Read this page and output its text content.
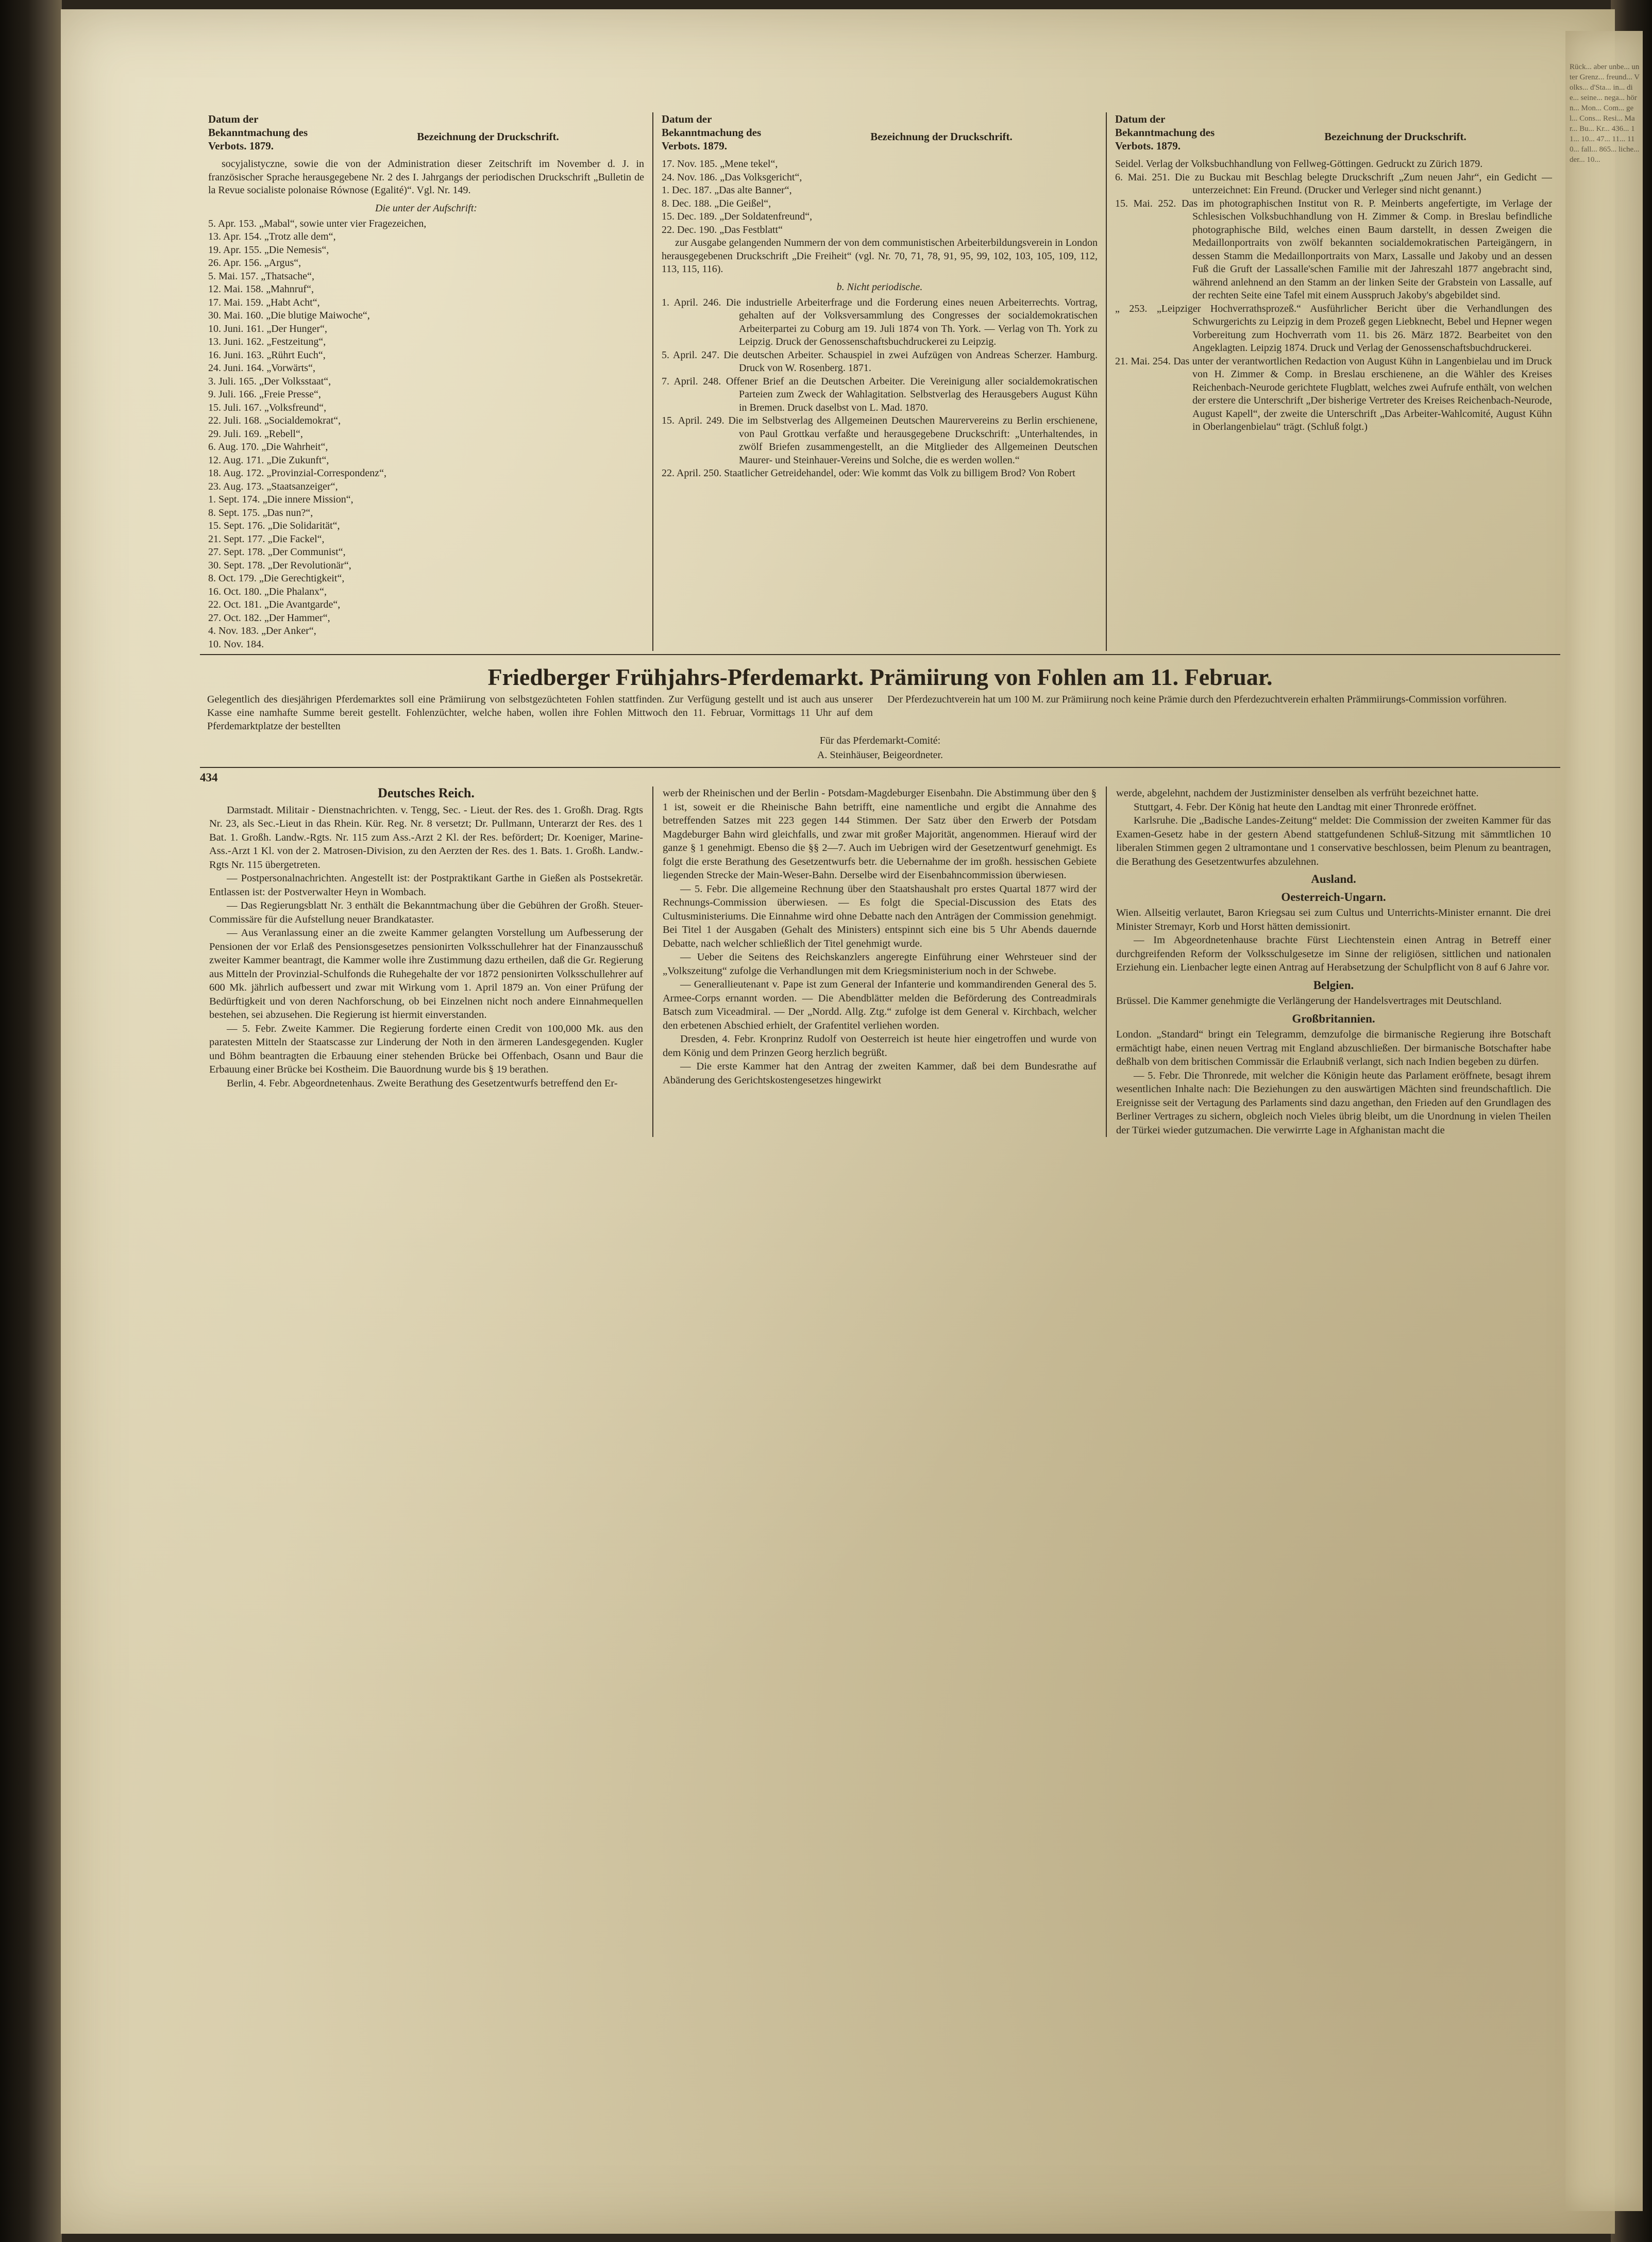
Datum der Bekanntmachung des Verbots. 1879.
Bezeichnung der Druckschrift.

socyjalistyczne, sowie die von der Administration dieser Zeitschrift im November d. J. in französischer Sprache herausgegebene Nr. 2 des I. Jahrgangs der periodischen Druckschrift „Bulletin de la Revue socialiste polonaise Równose (Egalité)“. Vgl. Nr. 149.

Die unter der Aufschrift:
5. Apr. 153. „Mabal“, sowie unter vier Fragezeichen,
13. Apr. 154. „Trotz alle dem“,
19. Apr. 155. „Die Nemesis“,
26. Apr. 156. „Argus“,
5. Mai. 157. „Thatsache“,
12. Mai. 158. „Mahnruf“,
17. Mai. 159. „Habt Acht“,
30. Mai. 160. „Die blutige Maiwoche“,
10. Juni. 161. „Der Hunger“,
13. Juni. 162. „Festzeitung“,
16. Juni. 163. „Rührt Euch“,
24. Juni. 164. „Vorwärts“,
3. Juli. 165. „Der Volksstaat“,
9. Juli. 166. „Freie Presse“,
15. Juli. 167. „Volksfreund“,
22. Juli. 168. „Socialdemokrat“,
29. Juli. 169. „Rebell“,
6. Aug. 170. „Die Wahrheit“,
12. Aug. 171. „Die Zukunft“,
18. Aug. 172. „Provinzial-Correspondenz“,
23. Aug. 173. „Staatsanzeiger“,
1. Sept. 174. „Die innere Mission“,
8. Sept. 175. „Das nun?“,
15. Sept. 176. „Die Solidarität“,
21. Sept. 177. „Die Fackel“,
27. Sept. 178. „Der Communist“,
30. Sept. 178. „Der Revolutionär“,
8. Oct. 179. „Die Gerechtigkeit“,
16. Oct. 180. „Die Phalanx“,
22. Oct. 181. „Die Avantgarde“,
27. Oct. 182. „Der Hammer“,
4. Nov. 183. „Der Anker“,
10. Nov. 184.
Datum der Bekanntmachung des Verbots. 1879.
Bezeichnung der Druckschrift.
17. Nov. 185. „Mene tekel“,
24. Nov. 186. „Das Volksgericht“,
1. Dec. 187. „Das alte Banner“,
8. Dec. 188. „Die Geißel“,
15. Dec. 189. „Der Soldatenfreund“,
22. Dec. 190. „Das Festblatt“

zur Ausgabe gelangenden Nummern der von dem communistischen Arbeiterbildungsverein in London herausgegebenen Druckschrift „Die Freiheit“ (vgl. Nr. 70, 71, 78, 91, 95, 99, 102, 103, 105, 109, 112, 113, 115, 116).

b. Nicht periodische.
1. April. 246. Die industrielle Arbeiterfrage und die Forderung eines neuen Arbeiterrechts. Vortrag, gehalten auf der Volksversammlung des Congresses der socialdemokratischen Arbeiterpartei zu Coburg am 19. Juli 1874 von Th. York. — Verlag von Th. York zu Leipzig. Druck der Genossenschaftsbuchdruckerei zu Leipzig.
5. April. 247. Die deutschen Arbeiter. Schauspiel in zwei Aufzügen von Andreas Scherzer. Hamburg. Druck von W. Rosenberg. 1871.
7. April. 248. Offener Brief an die Deutschen Arbeiter. Die Vereinigung aller socialdemokratischen Parteien zum Zweck der Wahlagitation. Selbstverlag des Herausgebers August Kühn in Bremen. Druck daselbst von L. Mad. 1870.
15. April. 249. Die im Selbstverlag des Allgemeinen Deutschen Maurervereins zu Berlin erschienene, von Paul Grottkau verfaßte und herausgegebene Druckschrift: „Unterhaltendes, in zwölf Briefen zusammengestellt, an die Mitglieder des Allgemeinen Deutschen Maurer- und Steinhauer-Vereins und Solche, die es werden wollen.“
22. April. 250. Staatlicher Getreidehandel, oder: Wie kommt das Volk zu billigem Brod? Von Robert
Datum der Bekanntmachung des Verbots. 1879.
Bezeichnung der Druckschrift.

Seidel. Verlag der Volksbuchhandlung von Fellweg-Göttingen. Gedruckt zu Zürich 1879.

6. Mai. 251. Die zu Buckau mit Beschlag belegte Druckschrift „Zum neuen Jahr“, ein Gedicht — unterzeichnet: Ein Freund. (Drucker und Verleger sind nicht genannt.)
15. Mai. 252. Das im photographischen Institut von R. P. Meinberts angefertigte, im Verlage der Schlesischen Volksbuchhandlung von H. Zimmer & Comp. in Breslau befindliche photographische Bild, welches einen Baum darstellt, in dessen Zweigen die Medaillonportraits von zwölf bekannten socialdemokratischen Parteigängern, in dessen Stamm die Medaillonportraits von Marx, Lassalle und Jakoby und an dessen Fuß die Gruft der Lassalle'schen Familie mit der Jahreszahl 1877 angebracht sind, während anlehnend an den Stamm an der linken Seite der Grabstein von Lassalle, auf der rechten Seite eine Tafel mit einem Ausspruch Jakoby's abgebildet sind.
„ 253. „Leipziger Hochverrathsprozeß.“ Ausführlicher Bericht über die Verhandlungen des Schwurgerichts zu Leipzig in dem Prozeß gegen Liebknecht, Bebel und Hepner wegen Vorbereitung zum Hochverrath vom 11. bis 26. März 1872. Bearbeitet von den Angeklagten. Leipzig 1874. Druck und Verlag der Genossenschaftsbuchdruckerei.
21. Mai. 254. Das unter der verantwortlichen Redaction von August Kühn in Langenbielau und im Druck von H. Zimmer & Comp. in Breslau erschienene, an die Wähler des Kreises Reichenbach-Neurode gerichtete Flugblatt, welches zwei Aufrufe enthält, von welchen der erstere die Unterschrift „Der bisherige Vertreter des Kreises Reichenbach-Neurode, August Kapell“, der zweite die Unterschrift „Das Arbeiter-Wahlcomité, August Kühn in Oberlangenbielau“ trägt. (Schluß folgt.)
Friedberger Frühjahrs-Pferdemarkt. Prämiirung von Fohlen am 11. Februar.
Gelegentlich des diesjährigen Pferdemarktes soll eine Prämiirung von selbstgezüchteten Fohlen stattfinden. Zur Verfügung gestellt und ist auch aus unserer Kasse eine namhafte Summe bereit gestellt. Fohlenzüchter, welche haben, wollen ihre Fohlen Mittwoch den 11. Februar, Vormittags 11 Uhr auf dem Pferdemarktplatze der bestellten
Der Pferdezuchtverein hat um 100 M. zur Prämiirung noch keine Prämie durch den Pferdezuchtverein erhalten Prämmiirungs-Commission vorführen.
Für das Pferdemarkt-Comité:
A. Steinhäuser, Beigeordneter.
434
Deutsches Reich.

Darmstadt. Militair - Dienstnachrichten. v. Tengg, Sec. - Lieut. der Res. des 1. Großh. Drag. Rgts Nr. 23, als Sec.-Lieut in das Rhein. Kür. Reg. Nr. 8 versetzt; Dr. Pullmann, Unterarzt der Res. des 1 Bat. 1. Großh. Landw.-Rgts. Nr. 115 zum Ass.-Arzt 2 Kl. der Res. befördert; Dr. Koeniger, Marine-Ass.-Arzt 1 Kl. von der 2. Matrosen-Division, zu den Aerzten der Res. des 1. Bats. 1. Großh. Landw.-Rgts Nr. 115 übergetreten.

— Postpersonalnachrichten. Angestellt ist: der Postpraktikant Garthe in Gießen als Postsekretär. Entlassen ist: der Postverwalter Heyn in Wombach.

— Das Regierungsblatt Nr. 3 enthält die Bekanntmachung über die Gebühren der Großh. Steuer-Commissäre für die Aufstellung neuer Brandkataster.

— Aus Veranlassung einer an die zweite Kammer gelangten Vorstellung um Aufbesserung der Pensionen der vor Erlaß des Pensionsgesetzes pensionirten Volksschullehrer hat der Finanzausschuß zweiter Kammer beantragt, die Kammer wolle ihre Zustimmung dazu ertheilen, daß die Gr. Regierung aus Mitteln der Provinzial-Schulfonds die Ruhegehalte der vor 1872 pensionirten Volksschullehrer auf 600 Mk. jährlich aufbessert und zwar mit Wirkung vom 1. April 1879 an. Von einer Prüfung der Bedürftigkeit und von deren Nachforschung, ob bei Einzelnen nicht noch andere Einnahmequellen bestehen, sei abzusehen. Die Regierung ist hiermit einverstanden.

— 5. Febr. Zweite Kammer. Die Regierung forderte einen Credit von 100,000 Mk. aus den paratesten Mitteln der Staatscasse zur Linderung der Noth in den ärmeren Landesgegenden. Kugler und Böhm beantragten die Erbauung einer stehenden Brücke bei Offenbach, Osann und Baur die Erbauung einer Brücke bei Kostheim. Die Bauordnung wurde bis § 19 berathen.

Berlin, 4. Febr. Abgeordnetenhaus. Zweite Berathung des Gesetzentwurfs betreffend den Er-

werb der Rheinischen und der Berlin - Potsdam-Magdeburger Eisenbahn. Die Abstimmung über den § 1 ist, soweit er die Rheinische Bahn betrifft, eine namentliche und ergibt die Annahme des betreffenden Satzes mit 223 gegen 144 Stimmen. Der Satz über den Erwerb der Potsdam Magdeburger Bahn wird gleichfalls, und zwar mit großer Majorität, angenommen. Hierauf wird der ganze § 1 genehmigt. Ebenso die §§ 2—7. Auch im Uebrigen wird der Gesetzentwurf genehmigt. Es folgt die erste Berathung des Gesetzentwurfs betr. die Uebernahme der im großh. hessischen Gebiete liegenden Strecke der Main-Weser-Bahn. Derselbe wird der Eisenbahncommission überwiesen.

— 5. Febr. Die allgemeine Rechnung über den Staatshaushalt pro erstes Quartal 1877 wird der Rechnungs-Commission überwiesen. — Es folgt die Special-Discussion des Etats des Cultusministeriums. Die Einnahme wird ohne Debatte nach den Anträgen der Commission genehmigt. Bei Titel 1 der Ausgaben (Gehalt des Ministers) entspinnt sich eine bis 5 Uhr Abends dauernde Debatte, nach welcher schließlich der Titel genehmigt wurde.

— Ueber die Seitens des Reichskanzlers angeregte Einführung einer Wehrsteuer sind der „Volkszeitung“ zufolge die Verhandlungen mit dem Kriegsministerium noch in der Schwebe.

— Generallieutenant v. Pape ist zum General der Infanterie und kommandirenden General des 5. Armee-Corps ernannt worden. — Die Abendblätter melden die Beförderung des Contreadmirals Batsch zum Viceadmiral. — Der „Nordd. Allg. Ztg.“ zufolge ist dem General v. Kirchbach, welcher den erbetenen Abschied erhielt, der Grafentitel verliehen worden.

Dresden, 4. Febr. Kronprinz Rudolf von Oesterreich ist heute hier eingetroffen und wurde von dem König und dem Prinzen Georg herzlich begrüßt.

— Die erste Kammer hat den Antrag der zweiten Kammer, daß bei dem Bundesrathe auf Abänderung des Gerichtskostengesetzes hingewirkt

werde, abgelehnt, nachdem der Justizminister denselben als verfrüht bezeichnet hatte.

Stuttgart, 4. Febr. Der König hat heute den Landtag mit einer Thronrede eröffnet.

Karlsruhe. Die „Badische Landes-Zeitung“ meldet: Die Commission der zweiten Kammer für das Examen-Gesetz habe in der gestern Abend stattgefundenen Schluß-Sitzung mit sämmtlichen 10 liberalen Stimmen gegen 2 ultramontane und 1 conservative beschlossen, beim Plenum zu beantragen, die Berathung des Gesetzentwurfes abzulehnen.

Ausland.
Oesterreich-Ungarn.

Wien. Allseitig verlautet, Baron Kriegsau sei zum Cultus und Unterrichts-Minister ernannt. Die drei Minister Stremayr, Korb und Horst hätten demissionirt.

— Im Abgeordnetenhause brachte Fürst Liechtenstein einen Antrag in Betreff einer durchgreifenden Reform der Volksschulgesetze im Sinne der religiösen, sittlichen und nationalen Erziehung ein. Lienbacher legte einen Antrag auf Herabsetzung der Schulpflicht von 8 auf 6 Jahre vor.

Belgien.

Brüssel. Die Kammer genehmigte die Verlängerung der Handelsvertrages mit Deutschland.

Großbritannien.

London. „Standard“ bringt ein Telegramm, demzufolge die birmanische Regierung ihre Botschaft ermächtigt habe, einen neuen Vertrag mit England abzuschließen. Der birmanische Botschafter habe deßhalb von dem britischen Commissär die Erlaubniß verlangt, sich nach Indien begeben zu dürfen.

— 5. Febr. Die Thronrede, mit welcher die Königin heute das Parlament eröffnete, besagt ihrem wesentlichen Inhalte nach: Die Beziehungen zu den auswärtigen Mächten sind freundschaftlich. Die Ereignisse seit der Vertagung des Parlaments sind dazu angethan, den Frieden auf den Grundlagen des Berliner Vertrages zu sichern, obgleich noch Vieles übrig bleibt, um die Unordnung in vielen Theilen der Türkei wieder gutzumachen. Die verwirrte Lage in Afghanistan macht die

Rück... aber unbe... unter Grenz... freund... Volks... d'Sta... in... die... seine... nega... hörn... Mon... Com... gel... Cons... Resi... Mar... Bu... Kr... 436... 11... 10... 47... 11... 110... fall... 865... liche... der... 10...
